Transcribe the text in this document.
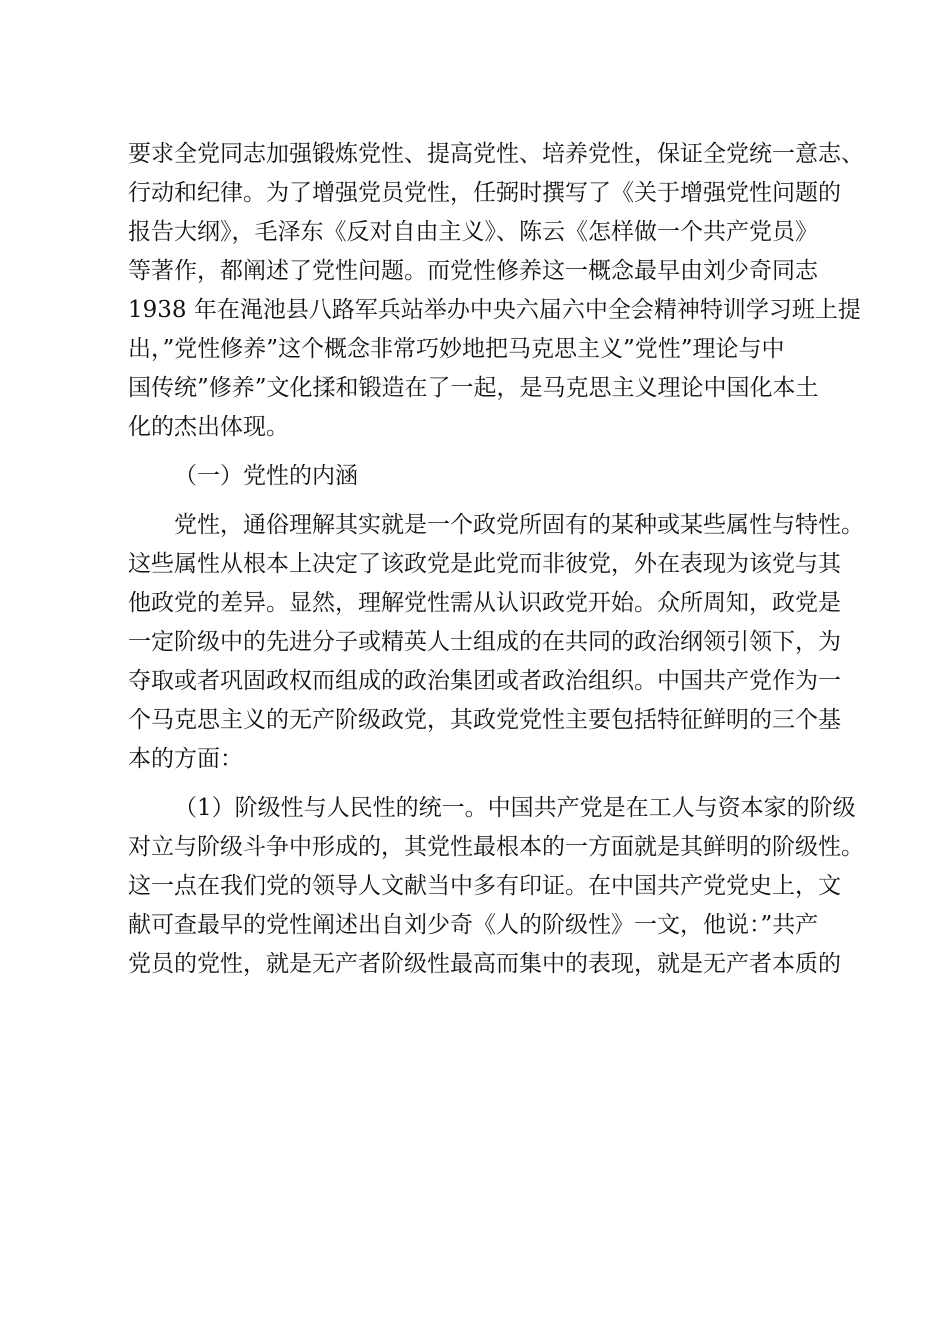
要求全党同志加强锻炼党性、提高党性、培养党性，保证全党统一意志、

行动和纪律。为了增强党员党性，任弼时撰写了《关于增强党性问题的

报告大纲》，毛泽东《反对自由主义》、陈云《怎样做一个共产党员》

等著作，都阐述了党性问题。而党性修养这一概念最早由刘少奇同志

1938 年在渑池县八路军兵站举办中央六届六中全会精神特训学习班上提

出，”党性修养”这个概念非常巧妙地把马克思主义”党性”理论与中

国传统”修养”文化揉和锻造在了一起，是马克思主义理论中国化本土

化的杰出体现。

（一）党性的内涵

党性，通俗理解其实就是一个政党所固有的某种或某些属性与特性。

这些属性从根本上决定了该政党是此党而非彼党，外在表现为该党与其

他政党的差异。显然，理解党性需从认识政党开始。众所周知，政党是

一定阶级中的先进分子或精英人士组成的在共同的政治纲领引领下，为

夺取或者巩固政权而组成的政治集团或者政治组织。中国共产党作为一

个马克思主义的无产阶级政党，其政党党性主要包括特征鲜明的三个基

本的方面：

（1）阶级性与人民性的统一。中国共产党是在工人与资本家的阶级

对立与阶级斗争中形成的，其党性最根本的一方面就是其鲜明的阶级性。

这一点在我们党的领导人文献当中多有印证。在中国共产党党史上，文

献可查最早的党性阐述出自刘少奇《人的阶级性》一文，他说：”共产

党员的党性，就是无产者阶级性最高而集中的表现，就是无产者本质的
